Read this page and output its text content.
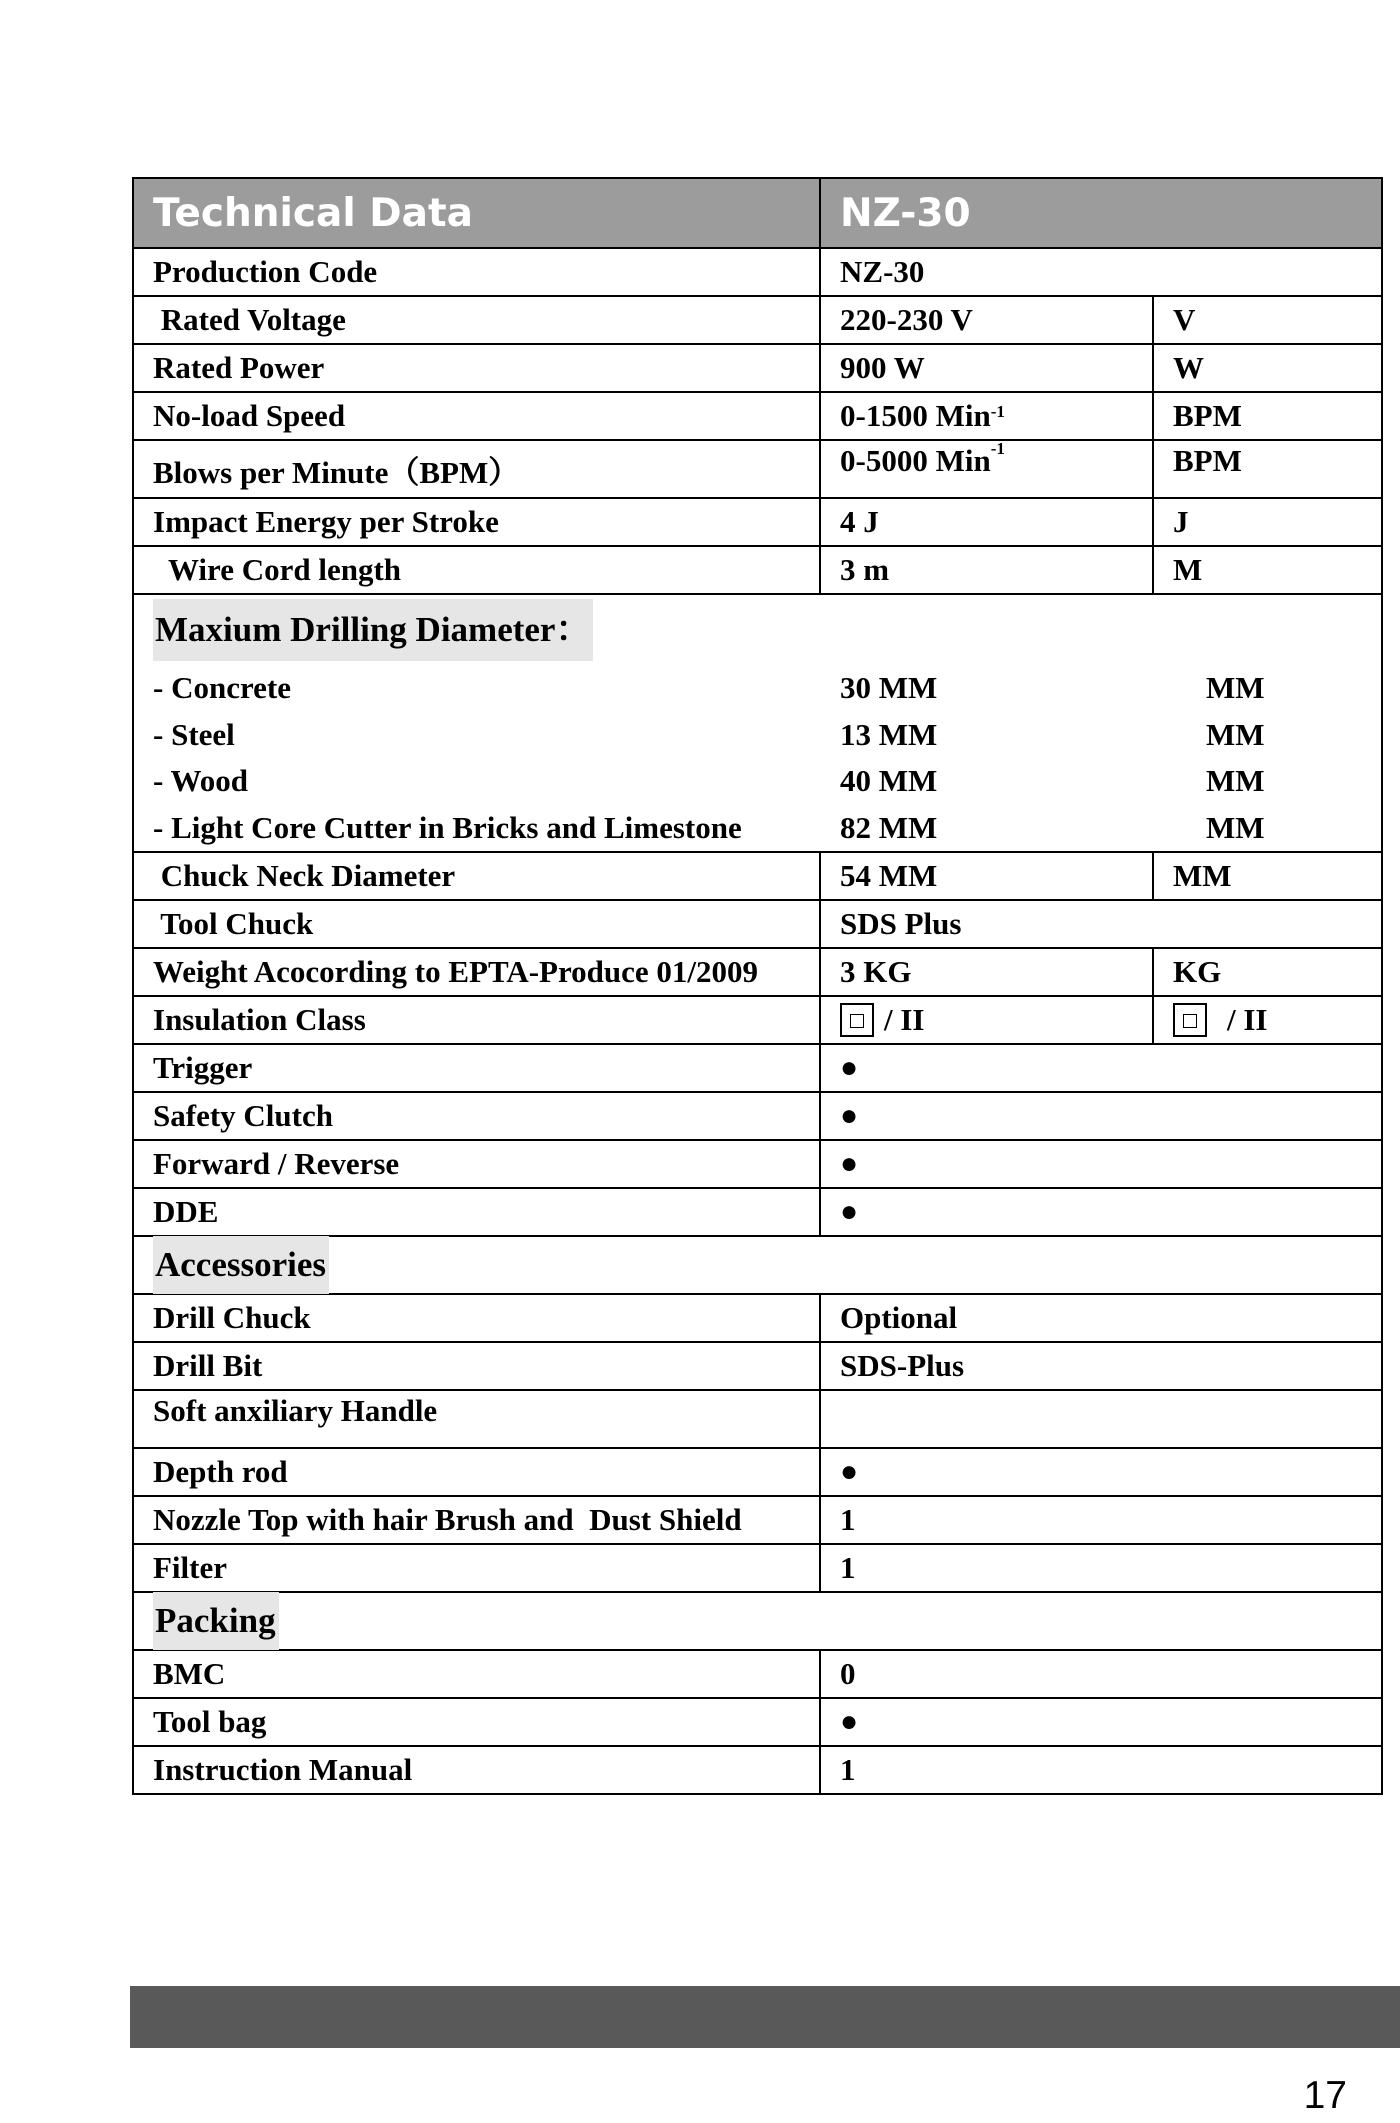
Technical Data	NZ-30
Production Code	NZ-30
Rated Voltage	220-230 V	V
Rated Power	900 W	W
No-load Speed	0-1500 Min$^{-1}$	BPM
Blows per Minute（BPM）	0-5000 Min$^{-1}$	BPM
Impact Energy per Stroke	4 J	J
Wire Cord length	3 m	M
Maxium Drilling Diameter：
- Concrete	30 MM	MM
- Steel	13 MM	MM
- Wood	40 MM	MM
- Light Core Cutter in Bricks and Limestone	82 MM	MM
Chuck Neck Diameter	54 MM	MM
Tool Chuck	SDS Plus
Weight Acocording to EPTA-Produce 01/2009	3 KG	KG
Insulation Class	/ II	/ II
Trigger	●
Safety Clutch	●
Forward / Reverse	●
DDE	●
Accessories
Drill Chuck	Optional
Drill Bit	SDS-Plus
Soft anxiliary Handle
Depth rod	●
Nozzle Top with hair Brush and  Dust Shield	1
Filter	1
Packing
BMC	0
Tool bag	●
Instruction Manual	1
17
